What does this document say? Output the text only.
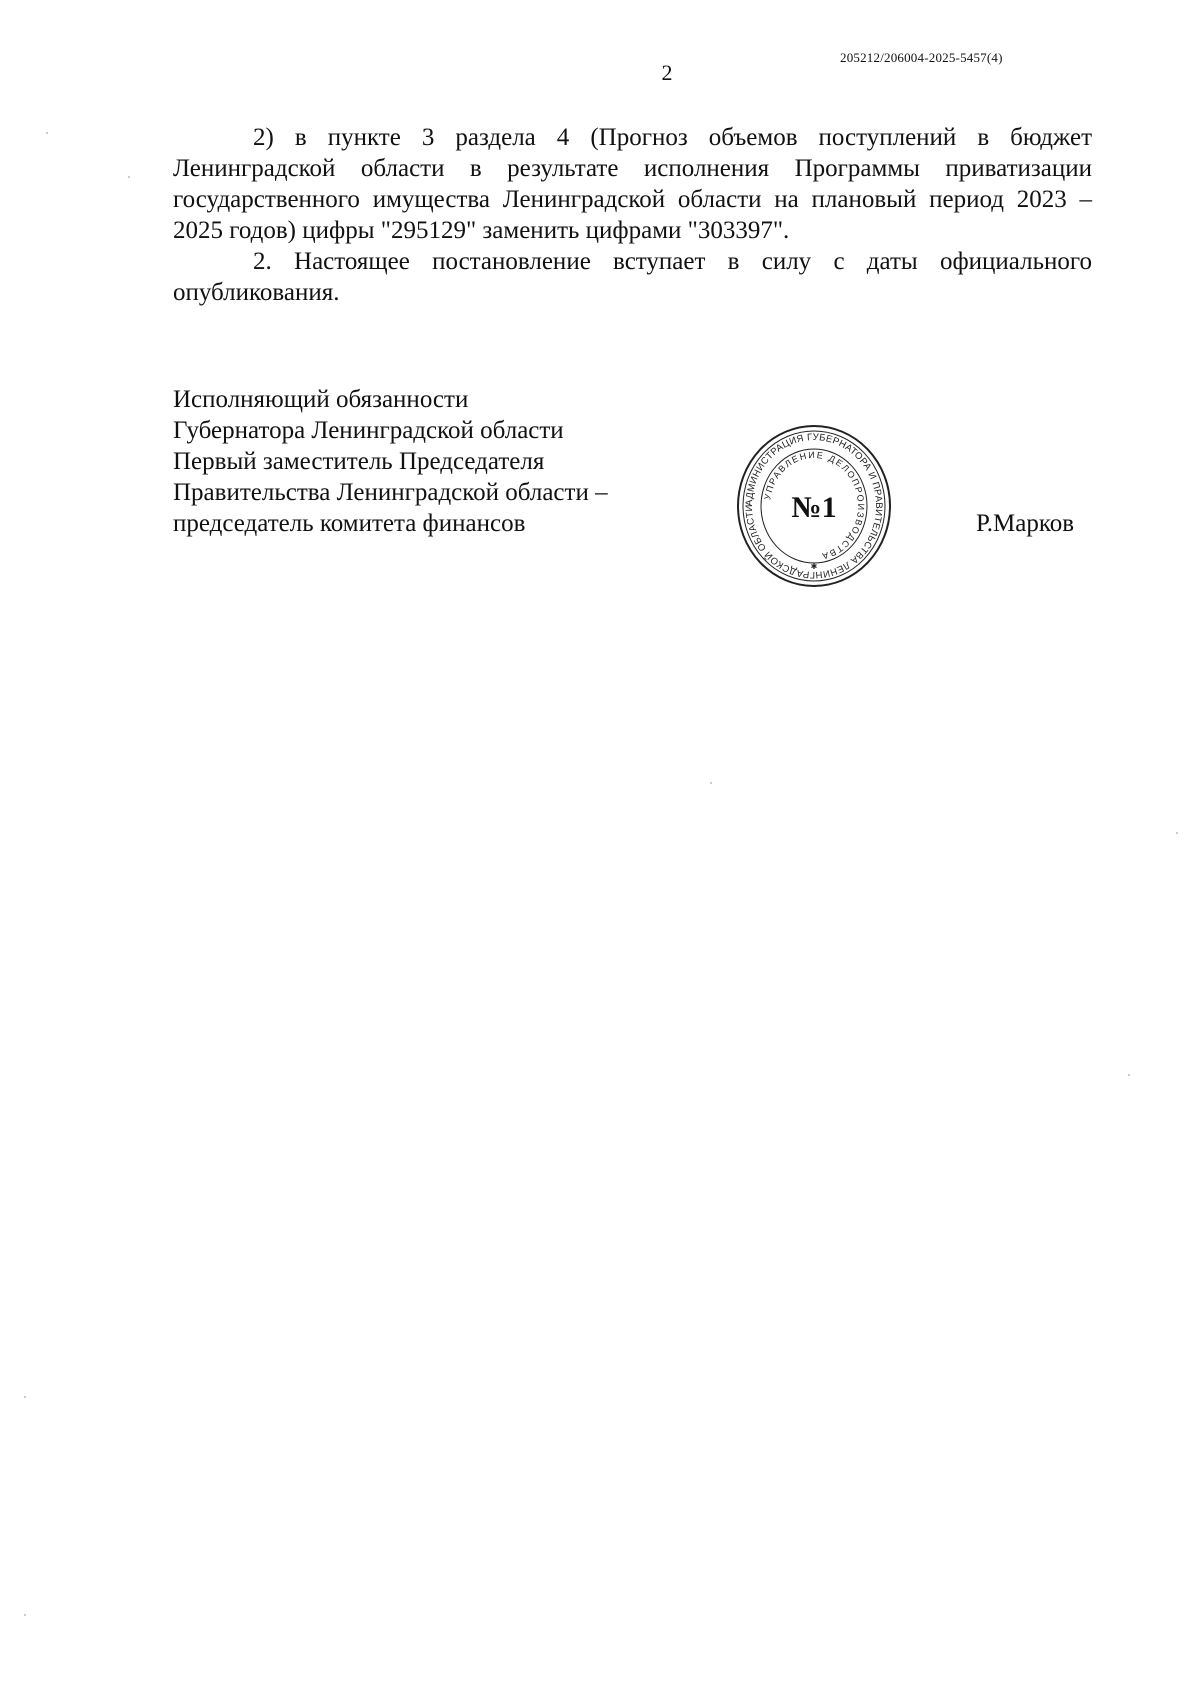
205212/206004-2025-5457(4)
2

2) в пункте 3 раздела 4 (Прогноз объемов поступлений в бюджет Ленинградской области в результате исполнения Программы приватизации государственного имущества Ленинградской области на плановый период 2023 – 2025 годов) цифры "295129" заменить цифрами "303397".

2. Настоящее постановление вступает в силу с даты официального опубликования.

Исполняющий обязанности
Губернатора Ленинградской области
Первый заместитель Председателя
Правительства Ленинградской области –
председатель комитета финансов
АДМИНИСТРАЦИЯ ГУБЕРНАТОРА И ПРАВИТЕЛЬСТВА ЛЕНИНГРАДСКОЙ ОБЛАСТИ
УПРАВЛЕНИЕ ДЕЛОПРОИЗВОДСТВА
№1
✱
Р.Марков
